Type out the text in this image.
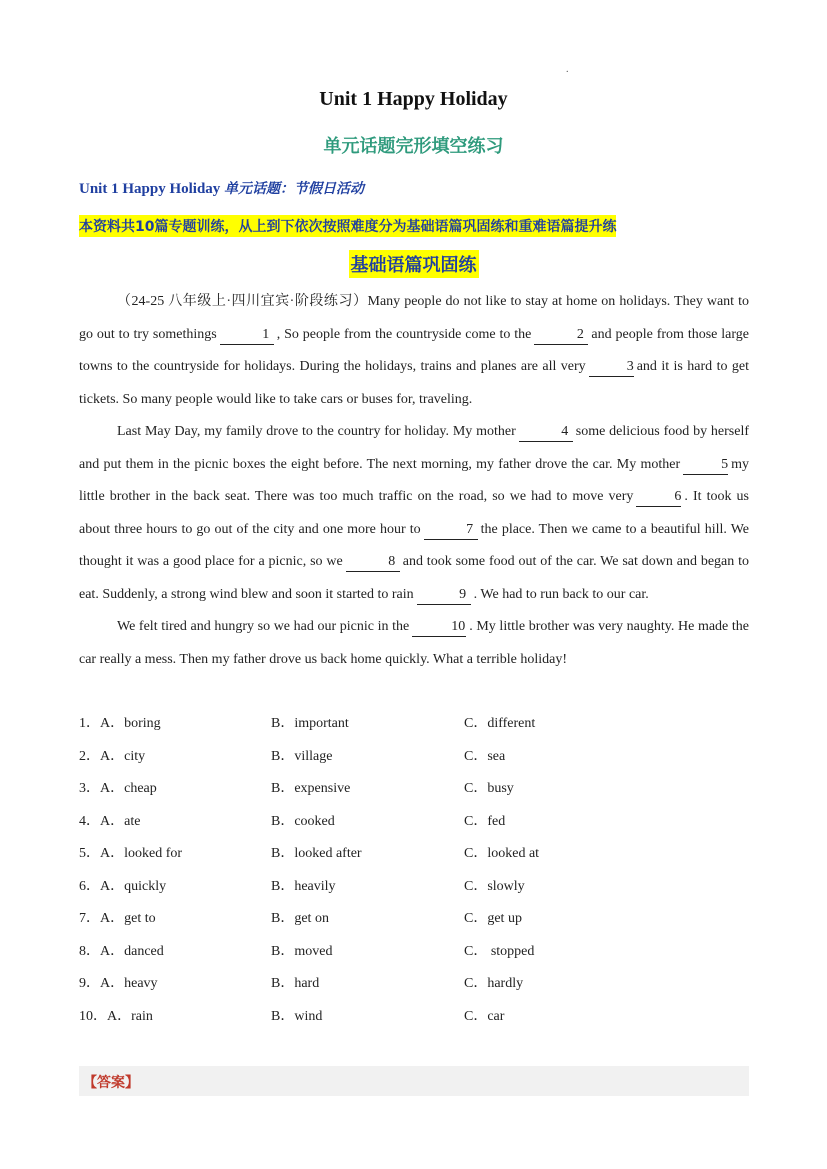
.
Unit 1 Happy Holiday
单元话题完形填空练习
Unit 1 Happy Holiday 单元话题：节假日活动
本资料共10篇专题训练，从上到下依次按照难度分为基础语篇巩固练和重难语篇提升练
基础语篇巩固练

（24-25 八年级上·四川宜宾·阶段练习）Many people do not like to stay at home on holidays. They want to go out to try somethings	1 , So people from the countryside come to the	2 and people from those large towns to the countryside for holidays. During the holidays, trains and planes are all very	3 and it is hard to get tickets. So many people would like to take cars or buses for, traveling.

Last May Day, my family drove to the country for holiday. My mother	4 some delicious food by herself and put them in the picnic boxes the eight before. The next morning, my father drove the car. My mother	5 my little brother in the back seat. There was too much traffic on the road, so we had to move very	6 . It took us about three hours to go out of the city and one more hour to	7 the place. Then we came to a beautiful hill. We thought it was a good place for a picnic, so we	8 and took some food out of the car. We sat down and began to eat. Suddenly, a strong wind blew and soon it started to rain	9 . We had to run back to our car.

We felt tired and hungry so we had our picnic in the	10 . My little brother was very naughty. He made the car really a mess. Then my father drove us back home quickly. What a terrible holiday!

1．A．boring	B．important	C．different
2．A．city	B．village	C．sea
3．A．cheap	B．expensive	C．busy
4．A．ate	B．cooked	C．fed
5．A．looked for	B．looked after	C．looked at
6．A．quickly	B．heavily	C．slowly
7．A．get to	B．get on	C．get up
8．A．danced	B．moved	C． stopped
9．A．heavy	B．hard	C．hardly
10．A．rain	B．wind	C．car
【答案】
